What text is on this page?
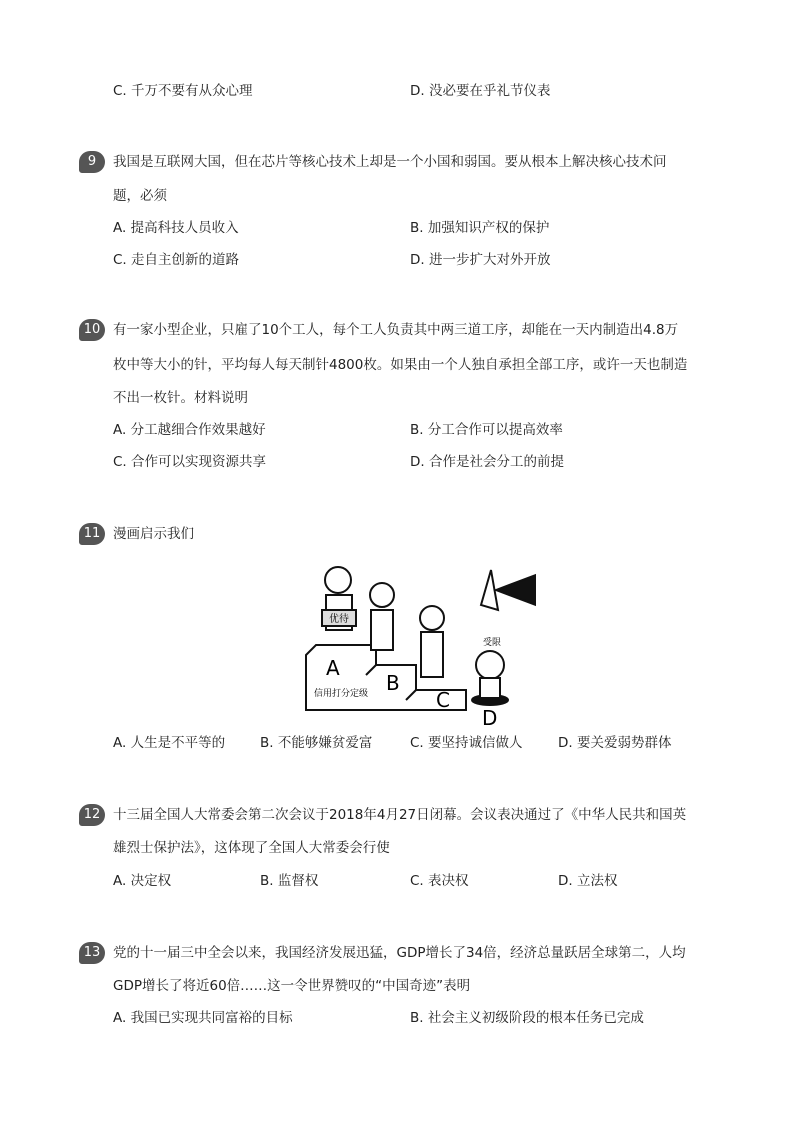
C. 千万不要有从众心理	D. 没必要在乎礼节仪表
9	我国是互联网大国，但在芯片等核心技术上却是一个小国和弱国。要从根本上解决核心技术问
题，必须
A. 提高科技人员收入	B. 加强知识产权的保护
C. 走自主创新的道路	D. 进一步扩大对外开放
10 有一家小型企业，只雇了10个工人，每个工人负责其中两三道工序，却能在一天内制造出4.8万
枚中等大小的针，平均每人每天制针4800枚。如果由一个人独自承担全部工序，或许一天也制造
不出一枚针。材料说明
A. 分工越细合作效果越好	B. 分工合作可以提高效率
C. 合作可以实现资源共享	D. 合作是社会分工的前提
11 漫画启示我们
优待
A
B
C
D
信用打分定级
受限
A. 人生是不平等的	B. 不能够嫌贫爱富	C. 要坚持诚信做人	D. 要关爱弱势群体
12 十三届全国人大常委会第二次会议于2018年4月27日闭幕。会议表决通过了《中华人民共和国英
雄烈士保护法》，这体现了全国人大常委会行使
A. 决定权	B. 监督权	C. 表决权	D. 立法权
13 党的十一届三中全会以来，我国经济发展迅猛，GDP增长了34倍，经济总量跃居全球第二，人均
GDP增长了将近60倍……这一令世界赞叹的“中国奇迹”表明
A. 我国已实现共同富裕的目标	B. 社会主义初级阶段的根本任务已完成
